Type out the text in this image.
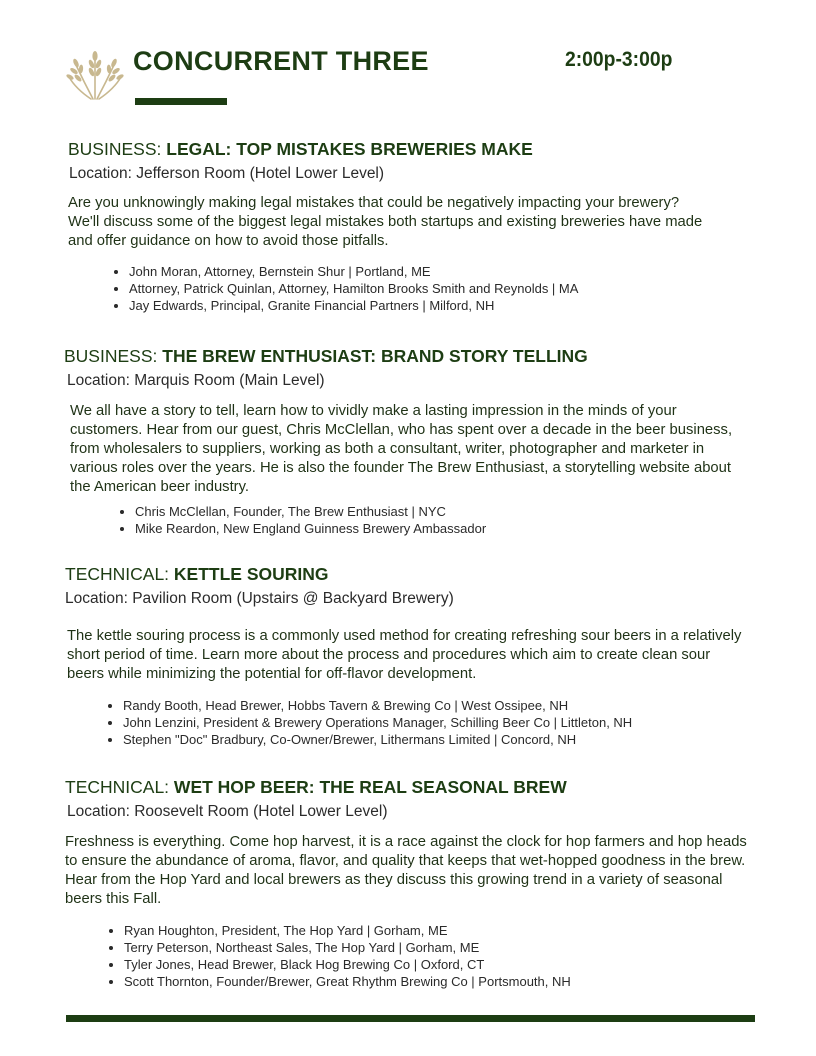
CONCURRENT THREE	2:00p-3:00p
BUSINESS: LEGAL: TOP MISTAKES BREWERIES MAKE
Location: Jefferson Room (Hotel Lower Level)

Are you unknowingly making legal mistakes that could be negatively impacting your brewery? We'll discuss some of the biggest legal mistakes both startups and existing breweries have made and offer guidance on how to avoid those pitfalls.

• John Moran, Attorney, Bernstein Shur | Portland, ME
• Attorney, Patrick Quinlan, Attorney, Hamilton Brooks Smith and Reynolds | MA
• Jay Edwards, Principal, Granite Financial Partners | Milford, NH
BUSINESS: THE BREW ENTHUSIAST: BRAND STORY TELLING
Location: Marquis Room (Main Level)

We all have a story to tell, learn how to vividly make a lasting impression in the minds of your customers. Hear from our guest, Chris McClellan, who has spent over a decade in the beer business, from wholesalers to suppliers, working as both a consultant, writer, photographer and marketer in various roles over the years. He is also the founder The Brew Enthusiast, a storytelling website about the American beer industry.

• Chris McClellan, Founder, The Brew Enthusiast | NYC
• Mike Reardon, New England Guinness Brewery Ambassador
TECHNICAL: KETTLE SOURING
Location: Pavilion Room (Upstairs @ Backyard Brewery)

The kettle souring process is a commonly used method for creating refreshing sour beers in a relatively short period of time. Learn more about the process and procedures which aim to create clean sour beers while minimizing the potential for off-flavor development.

• Randy Booth, Head Brewer, Hobbs Tavern & Brewing Co | West Ossipee, NH
• John Lenzini, President & Brewery Operations Manager, Schilling Beer Co | Littleton, NH
• Stephen "Doc" Bradbury, Co-Owner/Brewer, Lithermans Limited | Concord, NH
TECHNICAL: WET HOP BEER: THE REAL SEASONAL BREW
Location: Roosevelt Room (Hotel Lower Level)

Freshness is everything. Come hop harvest, it is a race against the clock for hop farmers and hop heads to ensure the abundance of aroma, flavor, and quality that keeps that wet-hopped goodness in the brew. Hear from the Hop Yard and local brewers as they discuss this growing trend in a variety of seasonal beers this Fall.

• Ryan Houghton, President, The Hop Yard | Gorham, ME
• Terry Peterson, Northeast Sales, The Hop Yard | Gorham, ME
• Tyler Jones, Head Brewer, Black Hog Brewing Co | Oxford, CT
• Scott Thornton, Founder/Brewer, Great Rhythm Brewing Co | Portsmouth, NH
